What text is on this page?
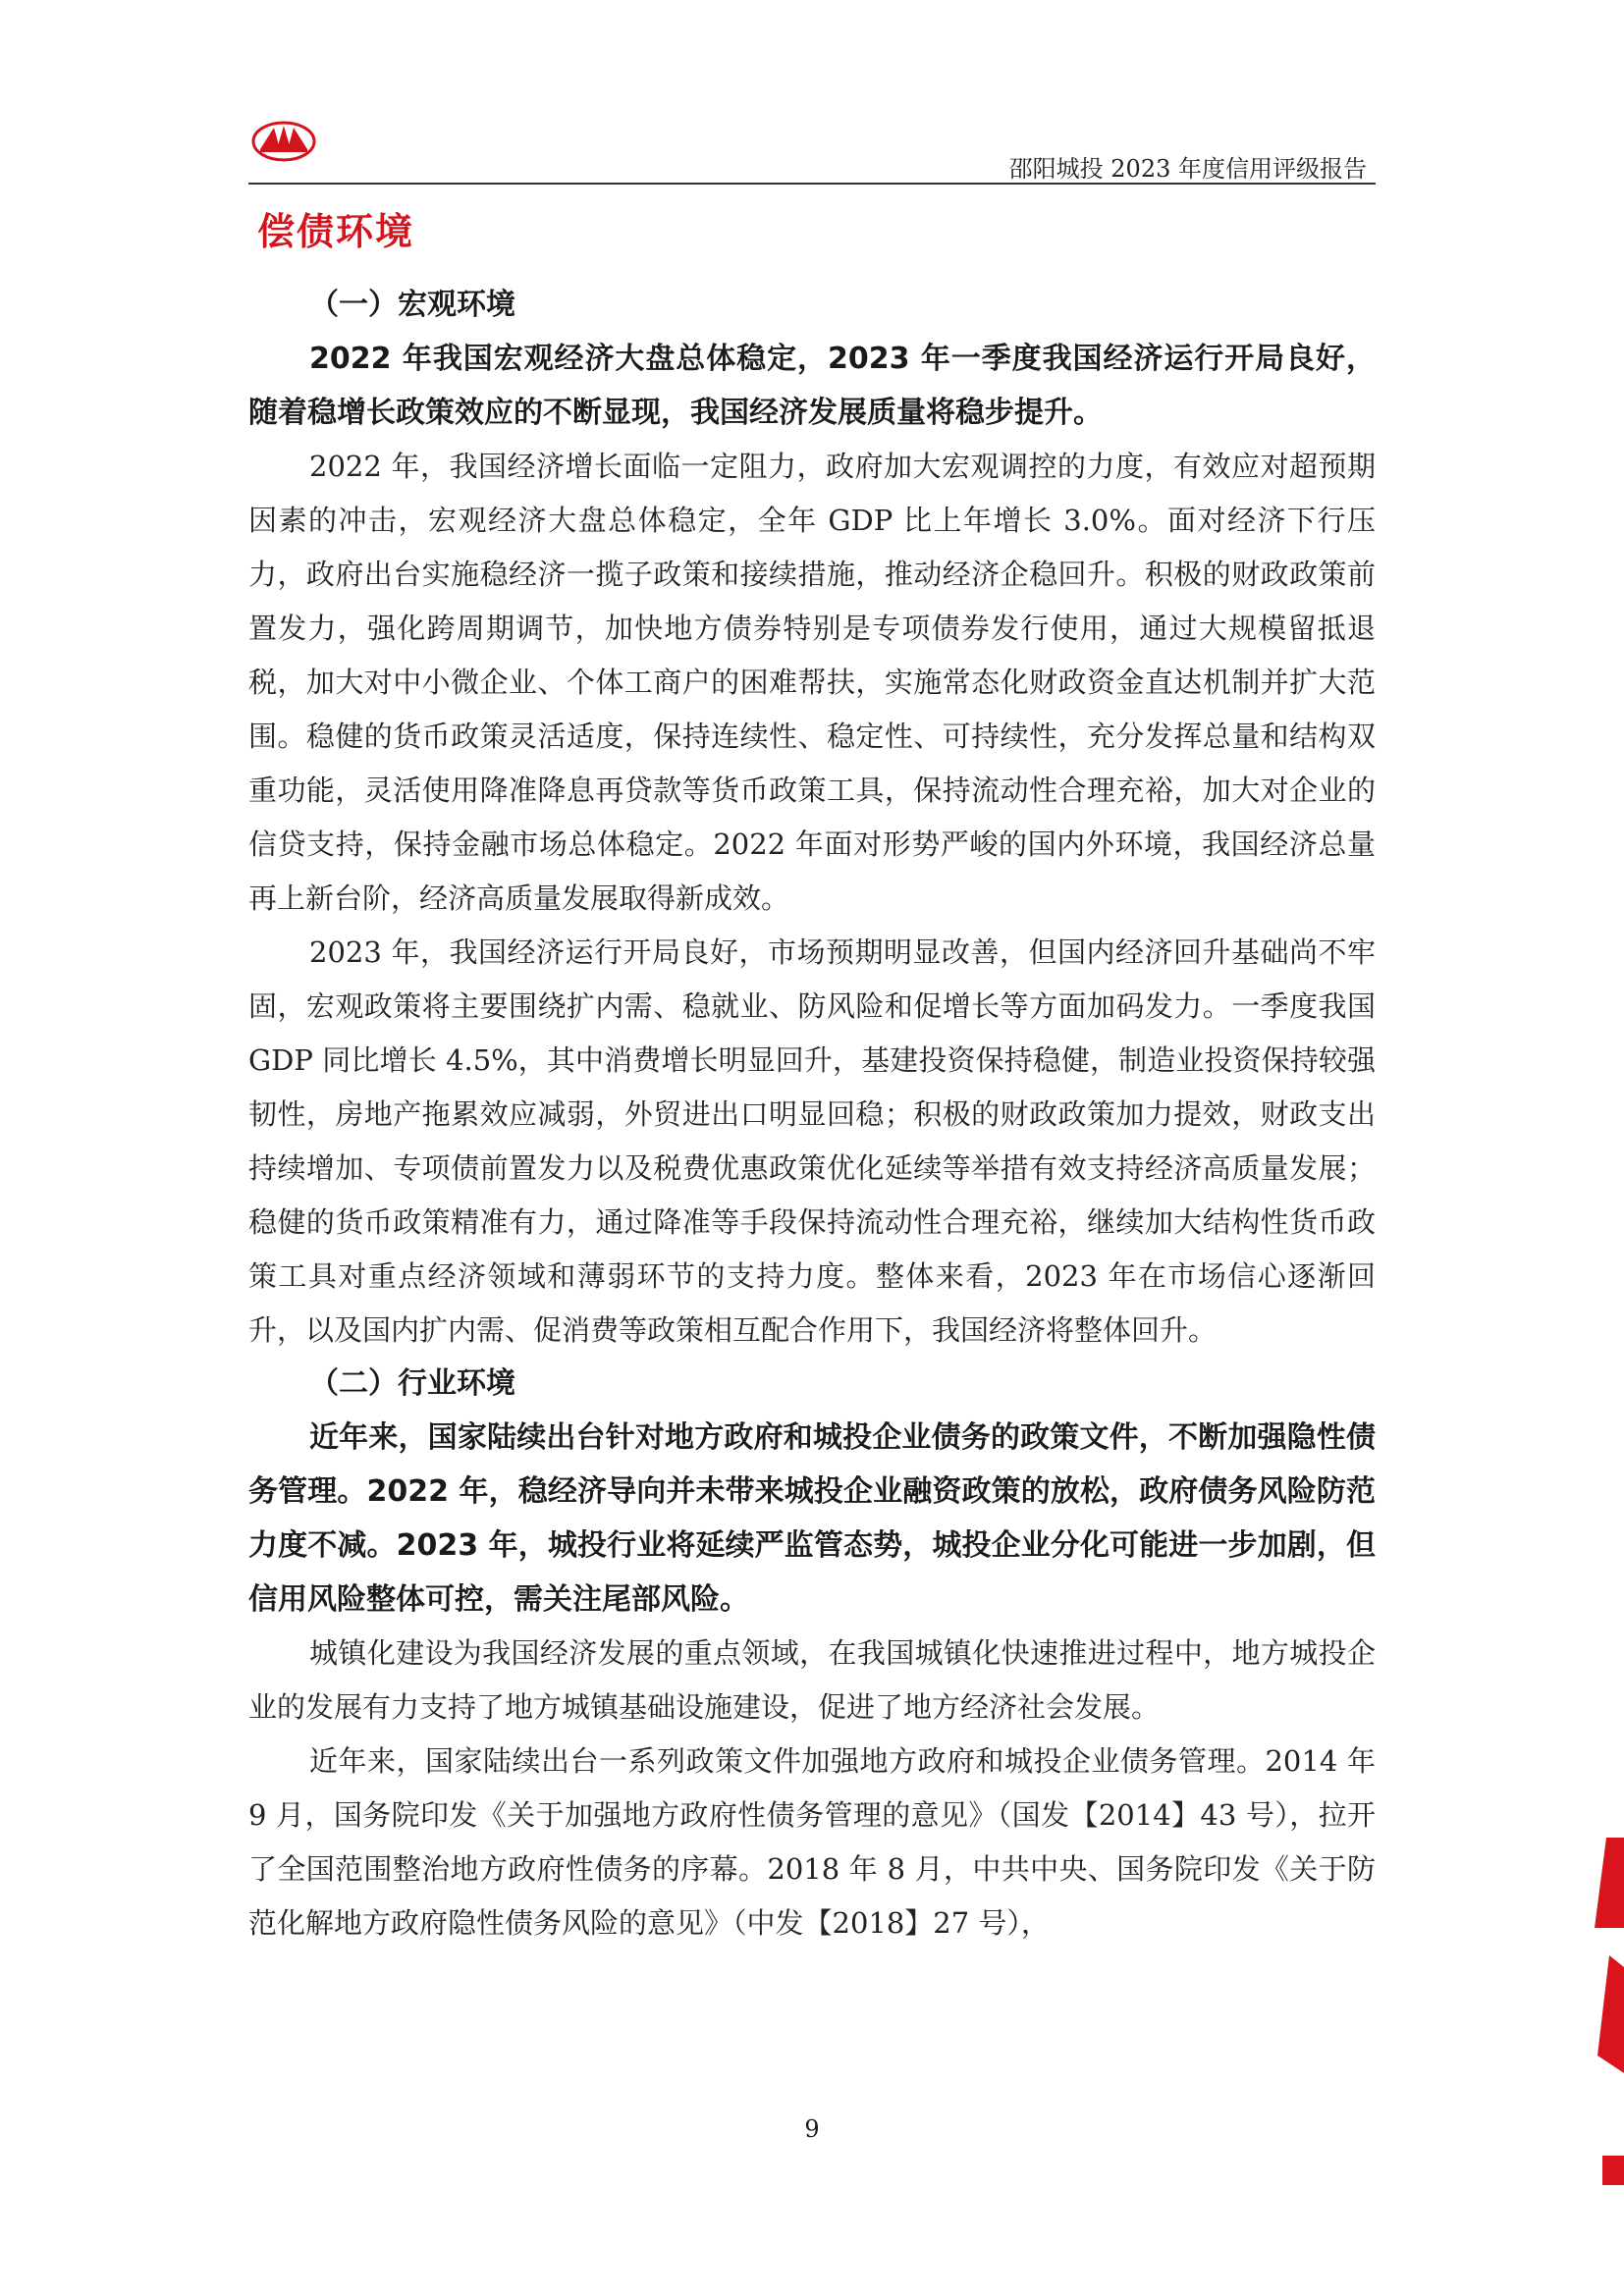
邵阳城投 2023 年度信用评级报告
偿债环境
（一）宏观环境

2022 年我国宏观经济大盘总体稳定，2023 年一季度我国经济运行开局良好，随着稳增长政策效应的不断显现，我国经济发展质量将稳步提升。

2022 年，我国经济增长面临一定阻力，政府加大宏观调控的力度，有效应对超预期因素的冲击，宏观经济大盘总体稳定，全年 GDP 比上年增长 3.0%。面对经济下行压力，政府出台实施稳经济一揽子政策和接续措施，推动经济企稳回升。积极的财政政策前置发力，强化跨周期调节，加快地方债券特别是专项债券发行使用，通过大规模留抵退税，加大对中小微企业、个体工商户的困难帮扶，实施常态化财政资金直达机制并扩大范围。稳健的货币政策灵活适度，保持连续性、稳定性、可持续性，充分发挥总量和结构双重功能，灵活使用降准降息再贷款等货币政策工具，保持流动性合理充裕，加大对企业的信贷支持，保持金融市场总体稳定。2022 年面对形势严峻的国内外环境，我国经济总量再上新台阶，经济高质量发展取得新成效。

2023 年，我国经济运行开局良好，市场预期明显改善，但国内经济回升基础尚不牢固，宏观政策将主要围绕扩内需、稳就业、防风险和促增长等方面加码发力。一季度我国 GDP 同比增长 4.5%，其中消费增长明显回升，基建投资保持稳健，制造业投资保持较强韧性，房地产拖累效应减弱，外贸进出口明显回稳；积极的财政政策加力提效，财政支出持续增加、专项债前置发力以及税费优惠政策优化延续等举措有效支持经济高质量发展；稳健的货币政策精准有力，通过降准等手段保持流动性合理充裕，继续加大结构性货币政策工具对重点经济领域和薄弱环节的支持力度。整体来看，2023 年在市场信心逐渐回升，以及国内扩内需、促消费等政策相互配合作用下，我国经济将整体回升。

（二）行业环境

近年来，国家陆续出台针对地方政府和城投企业债务的政策文件，不断加强隐性债务管理。2022 年，稳经济导向并未带来城投企业融资政策的放松，政府债务风险防范力度不减。2023 年，城投行业将延续严监管态势，城投企业分化可能进一步加剧，但信用风险整体可控，需关注尾部风险。

城镇化建设为我国经济发展的重点领域，在我国城镇化快速推进过程中，地方城投企业的发展有力支持了地方城镇基础设施建设，促进了地方经济社会发展。

近年来，国家陆续出台一系列政策文件加强地方政府和城投企业债务管理。2014 年 9 月，国务院印发《关于加强地方政府性债务管理的意见》（国发【2014】43 号），拉开了全国范围整治地方政府性债务的序幕。2018 年 8 月，中共中央、国务院印发《关于防范化解地方政府隐性债务风险的意见》（中发【2018】27 号），

9
